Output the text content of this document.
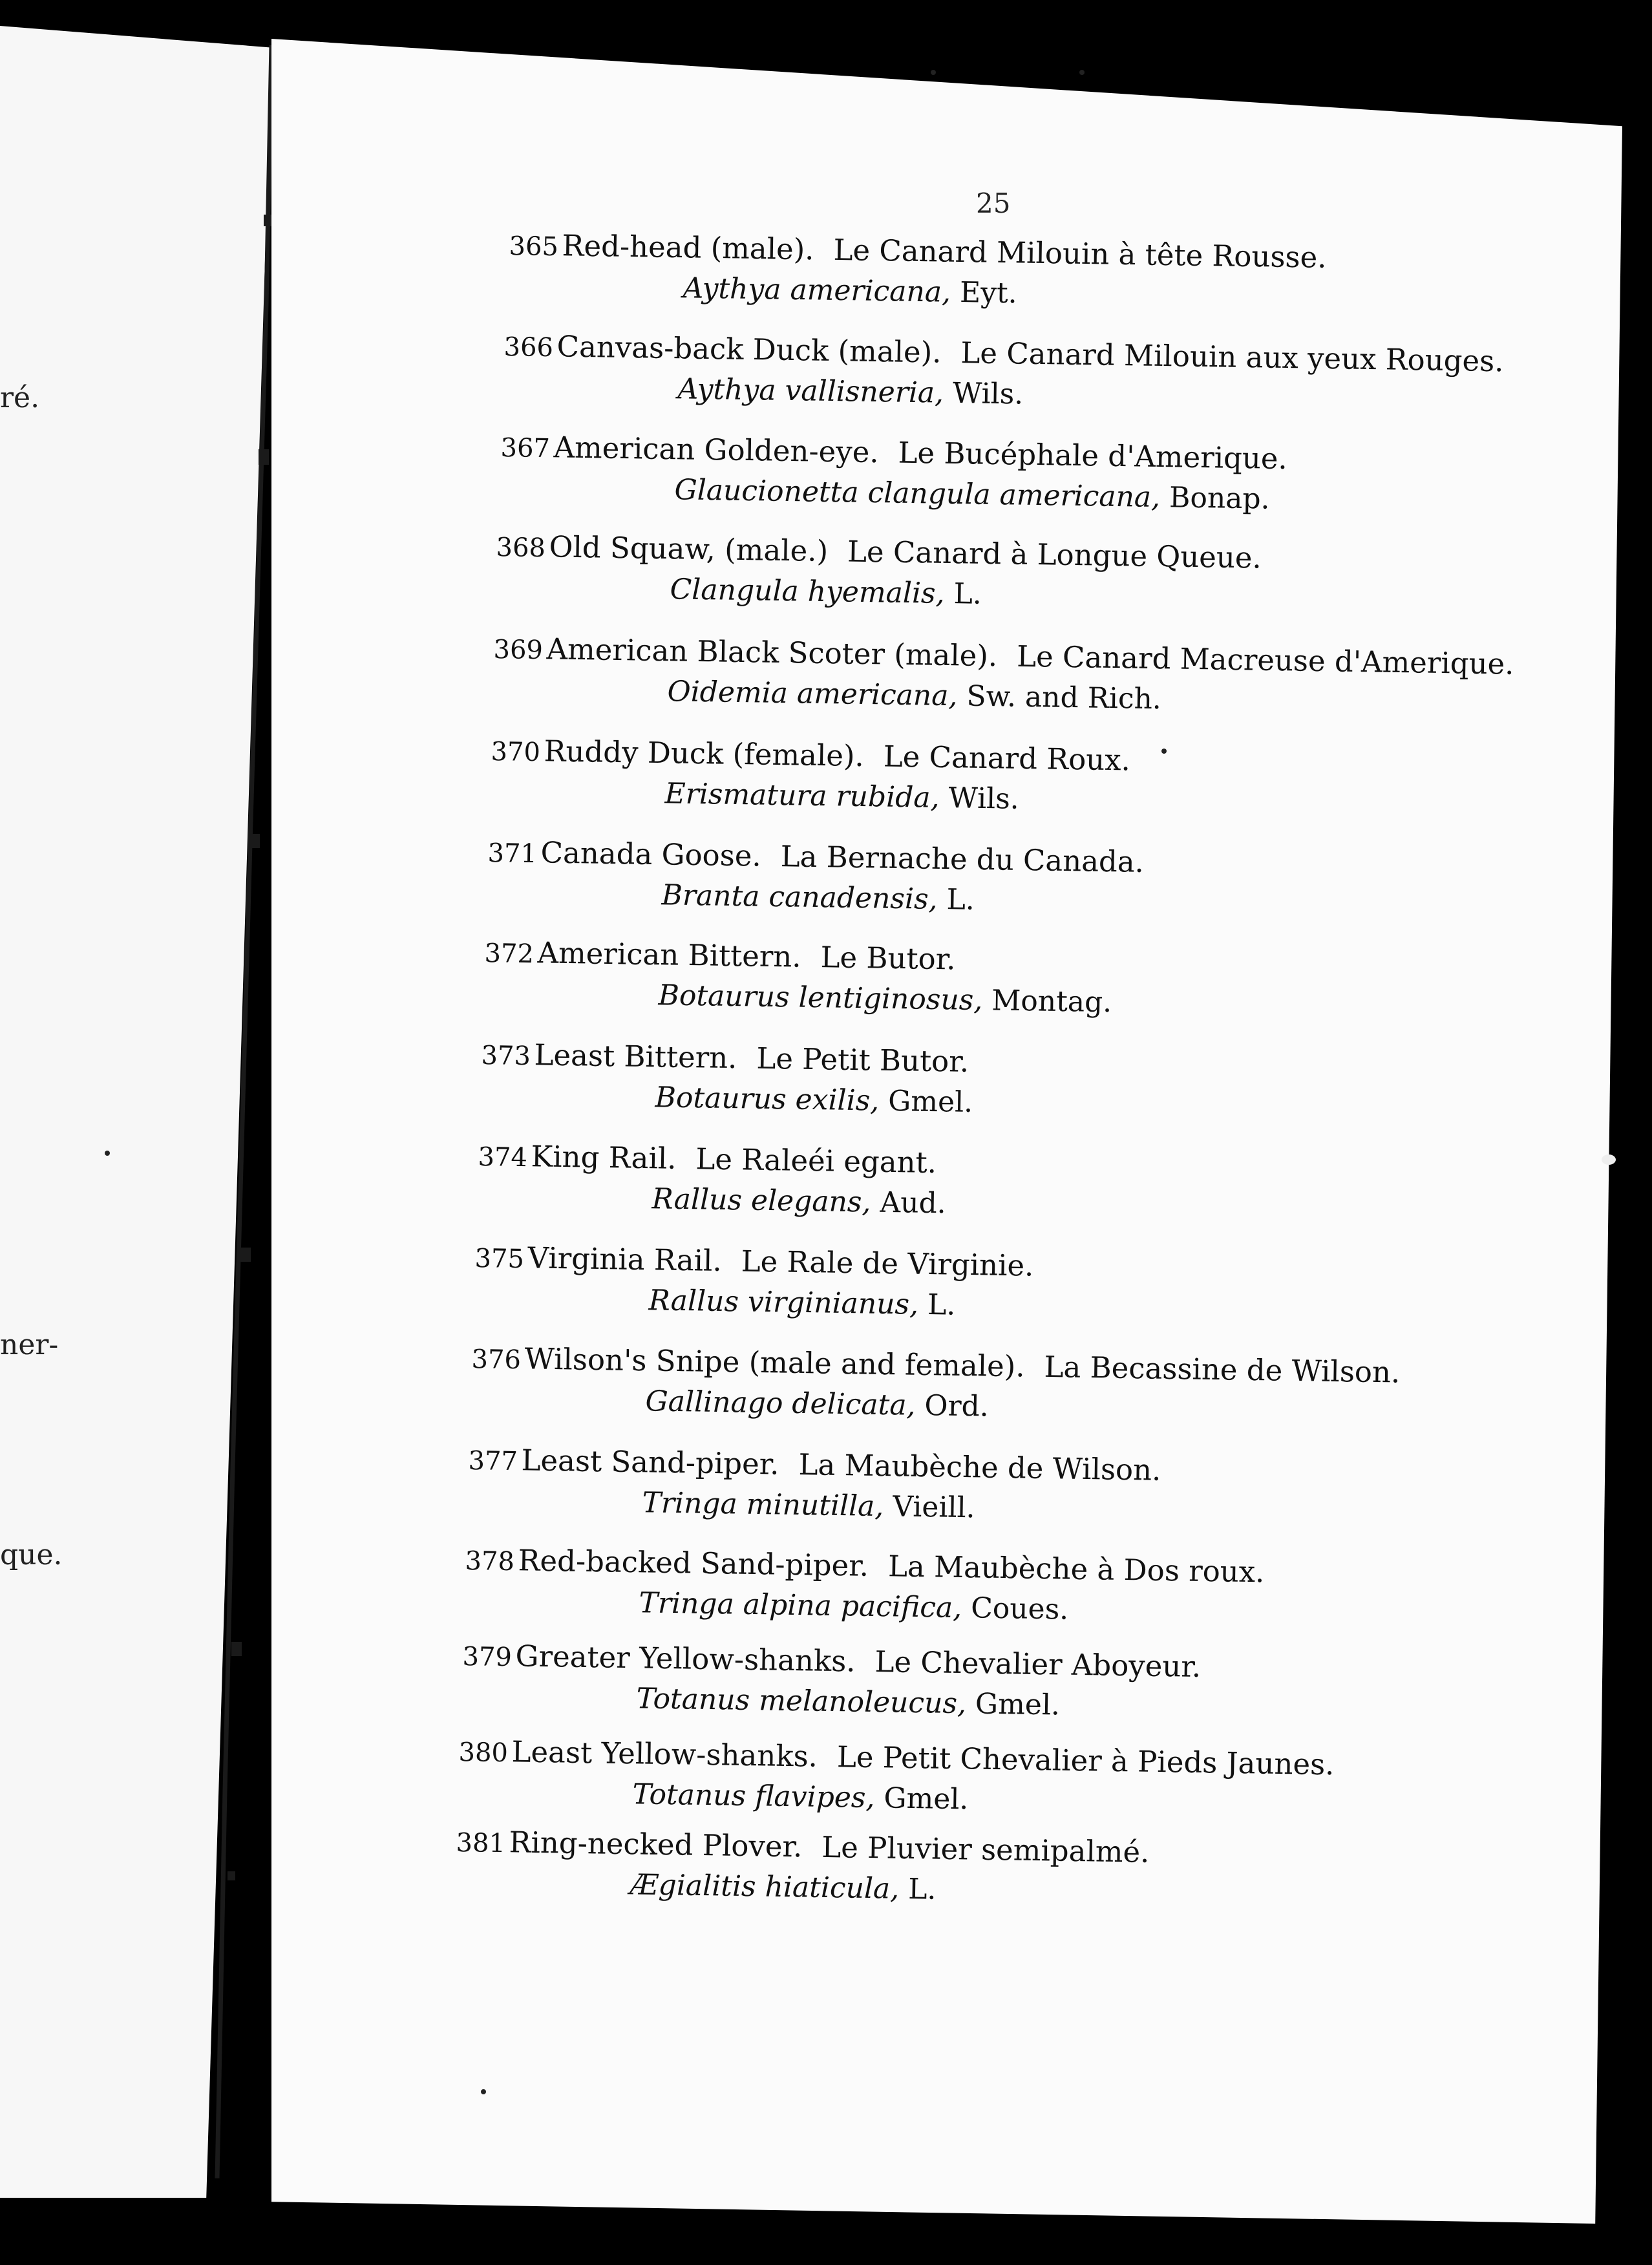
ré.
ner-
que.
25
365 Red-head (male). Le Canard Milouin à tête Rousse.
Aythya americana, Eyt.
366 Canvas-back Duck (male). Le Canard Milouin aux yeux Rouges.
Aythya vallisneria, Wils.
367 American Golden-eye. Le Bucéphale d'Amerique.
Glaucionetta clangula americana, Bonap.
368 Old Squaw, (male.) Le Canard à Longue Queue.
Clangula hyemalis, L.
369 American Black Scoter (male). Le Canard Macreuse d'Amerique.
Oidemia americana, Sw. and Rich.
370 Ruddy Duck (female). Le Canard Roux.
Erismatura rubida, Wils.
371 Canada Goose. La Bernache du Canada.
Branta canadensis, L.
372 American Bittern. Le Butor.
Botaurus lentiginosus, Montag.
373 Least Bittern. Le Petit Butor.
Botaurus exilis, Gmel.
374 King Rail. Le Raleéi egant.
Rallus elegans, Aud.
375 Virginia Rail. Le Rale de Virginie.
Rallus virginianus, L.
376 Wilson's Snipe (male and female). La Becassine de Wilson.
Gallinago delicata, Ord.
377 Least Sand-piper. La Maubèche de Wilson.
Tringa minutilla, Vieill.
378 Red-backed Sand-piper. La Maubèche à Dos roux.
Tringa alpina pacifica, Coues.
379 Greater Yellow-shanks. Le Chevalier Aboyeur.
Totanus melanoleucus, Gmel.
380 Least Yellow-shanks. Le Petit Chevalier à Pieds Jaunes.
Totanus flavipes, Gmel.
381 Ring-necked Plover. Le Pluvier semipalmé.
Ægialitis hiaticula, L.
